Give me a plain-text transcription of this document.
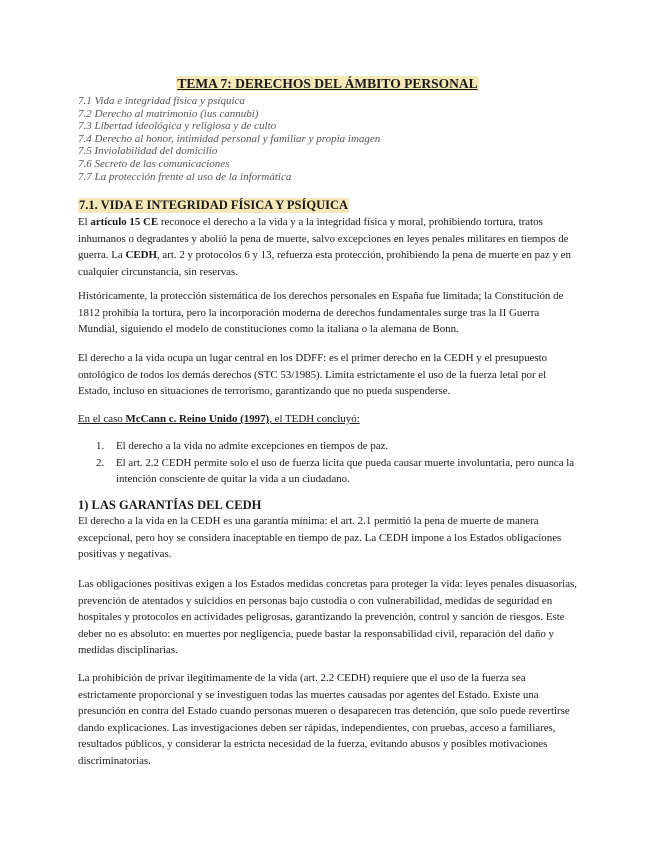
TEMA 7: DERECHOS DEL ÁMBITO PERSONAL
7.1 Vida e integridad física y psíquica
7.2 Derecho al matrimonio (ius cannubi)
7.3 Libertad ideológica y religiosa y de culto
7.4 Derecho al honor, intimidad personal y familiar y propia imagen
7.5 Inviolabilidad del domicilio
7.6 Secreto de las comunicaciones
7.7 La protección frente al uso de la informática
7.1. VIDA E INTEGRIDAD FÍSICA Y PSÍQUICA
El artículo 15 CE reconoce el derecho a la vida y a la integridad física y moral, prohibiendo tortura, tratos inhumanos o degradantes y abolió la pena de muerte, salvo excepciones en leyes penales militares en tiempos de guerra. La CEDH, art. 2 y protocolos 6 y 13, refuerza esta protección, prohibiendo la pena de muerte en paz y en cualquier circunstancia, sin reservas.
Históricamente, la protección sistemática de los derechos personales en España fue limitada; la Constitución de 1812 prohibía la tortura, pero la incorporación moderna de derechos fundamentales surge tras la II Guerra Mundial, siguiendo el modelo de constituciones como la italiana o la alemana de Bonn.
El derecho a la vida ocupa un lugar central en los DDFF: es el primer derecho en la CEDH y el presupuesto ontológico de todos los demás derechos (STC 53/1985). Limita estrictamente el uso de la fuerza letal por el Estado, incluso en situaciones de terrorismo, garantizando que no pueda suspenderse.
En el caso McCann c. Reino Unido (1997), el TEDH concluyó:
1. El derecho a la vida no admite excepciones en tiempos de paz.
2. El art. 2.2 CEDH permite solo el uso de fuerza lícita que pueda causar muerte involuntaria, pero nunca la intención consciente de quitar la vida a un ciudadano.
1) LAS GARANTÍAS DEL CEDH
El derecho a la vida en la CEDH es una garantía mínima: el art. 2.1 permitió la pena de muerte de manera excepcional, pero hoy se considera inaceptable en tiempo de paz. La CEDH impone a los Estados obligaciones positivas y negativas.
Las obligaciones positivas exigen a los Estados medidas concretas para proteger la vida: leyes penales disuasorias, prevención de atentados y suicidios en personas bajo custodia o con vulnerabilidad, medidas de seguridad en hospitales y protocolos en actividades peligrosas, garantizando la prevención, control y sanción de riesgos. Este deber no es absoluto: en muertes por negligencia, puede bastar la responsabilidad civil, reparación del daño y medidas disciplinarias.
La prohibición de privar ilegítimamente de la vida (art. 2.2 CEDH) requiere que el uso de la fuerza sea estrictamente proporcional y se investiguen todas las muertes causadas por agentes del Estado. Existe una presunción en contra del Estado cuando personas mueren o desaparecen tras detención, que solo puede revertirse dando explicaciones. Las investigaciones deben ser rápidas, independientes, con pruebas, acceso a familiares, resultados públicos, y considerar la estricta necesidad de la fuerza, evitando abusos y posibles motivaciones discriminatorias.
